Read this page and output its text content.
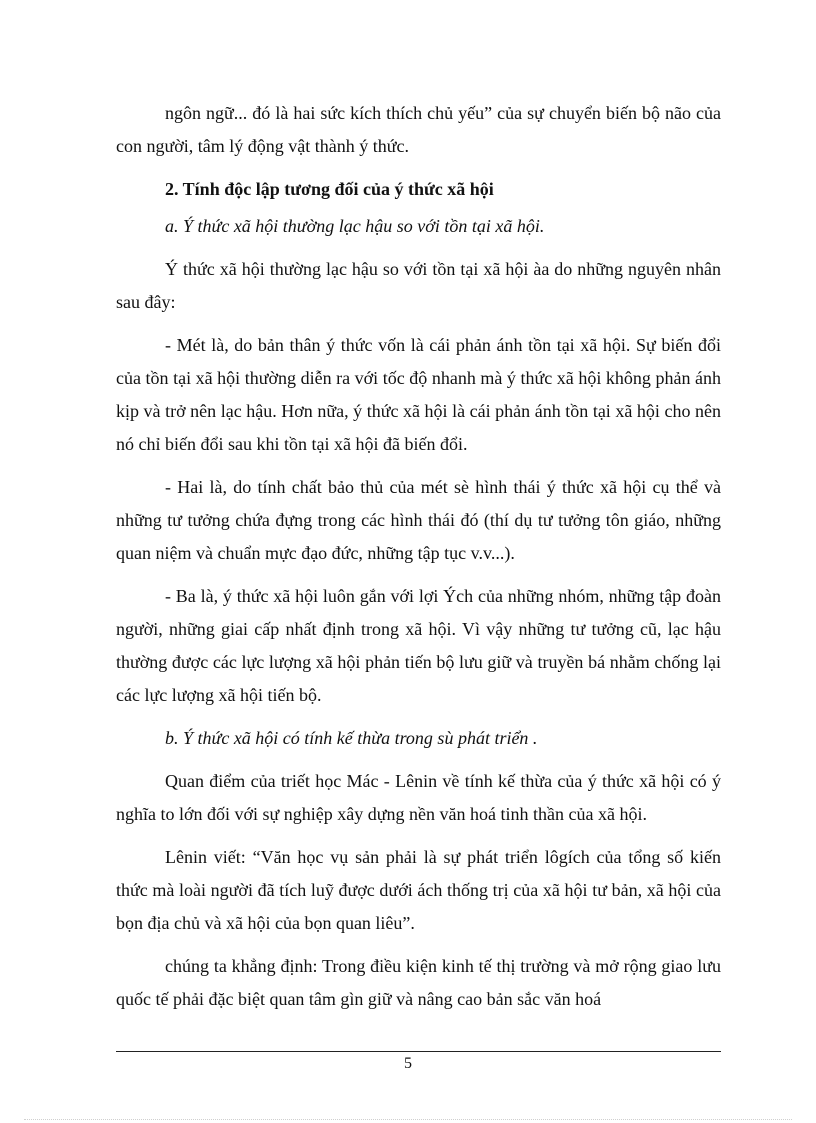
ngôn ngữ... đó là hai sức kích thích chủ yếu” của sự chuyển biến bộ não của con người, tâm lý động vật thành ý thức.

2. Tính độc lập tương đối của ý thức xã hội

a. Ý thức xã hội thường lạc hậu so với tồn tại xã hội.

Ý thức xã hội thường lạc hậu so với tồn tại xã hội àa do những nguyên nhân sau đây:

- Mét là, do bản thân ý thức vốn là cái phản ánh tồn tại xã hội. Sự biến đổi của tồn tại xã hội thường diễn ra với tốc độ nhanh mà ý thức xã hội không phản ánh kịp và trở nên lạc hậu. Hơn nữa, ý thức xã hội là cái phản ánh tồn tại xã hội cho nên nó chỉ biến đổi sau khi tồn tại xã hội đã biến đổi.

- Hai là, do tính chất bảo thủ của mét sè hình thái ý thức xã hội cụ thể và những tư tưởng chứa đựng trong các hình thái đó (thí dụ tư tưởng tôn giáo, những quan niệm và chuẩn mực đạo đức, những tập tục v.v...).

- Ba là, ý thức xã hội luôn gắn với lợi Ých của những nhóm, những tập đoàn người, những giai cấp nhất định trong xã hội. Vì vậy những tư tưởng cũ, lạc hậu thường được các lực lượng xã hội phản tiến bộ lưu giữ và truyền bá nhằm chống lại các lực lượng xã hội tiến bộ.

b. Ý thức xã hội có tính kế thừa trong sù phát triển .

Quan điểm của triết học Mác - Lênin về tính kế thừa của ý thức xã hội có ý nghĩa to lớn đối với sự nghiệp xây dựng nền văn hoá tinh thần của xã hội.

Lênin viết: “Văn học vụ sản phải là sự phát triển lôgích của tổng số kiến thức mà loài người đã tích luỹ được dưới ách thống trị của xã hội tư bản, xã hội của bọn địa chủ và xã hội của bọn quan liêu”.

chúng ta khẳng định: Trong điều kiện kinh tế thị trường và mở rộng giao lưu quốc tế phải đặc biệt quan tâm gìn giữ và nâng cao bản sắc văn hoá

5
